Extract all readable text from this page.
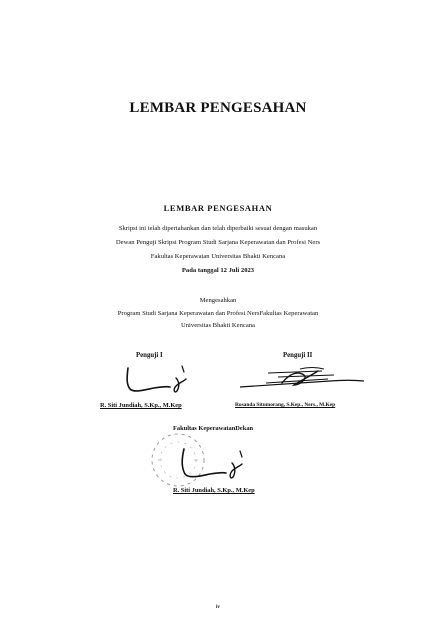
LEMBAR PENGESAHAN
LEMBAR PENGESAHAN
Skripsi ini telah dipertahankan dan telah diperbaiki sesuai dengan masukan
Dewan Penguji Skripsi Program Studi Sarjana Keperawatan dan Profesi Ners
Fakultas Keperawatan Universitas Bhakti Kencana
Pada tanggal 12 Juli 2023
Mengesahkan
Program Studi Sarjana Keperawatan dan Profesi NersFakultas Keperawatan
Universitas Bhakti Kencana
Penguji I	Penguji II
R. Siti Jundiah, S.Kp., M.Kep	Rosanda Situmorang, S.Kep., Ners., M.Kep
Fakultas KeperawatanDekan
R. Siti Jundiah, S.Kp., M.Kep
iv
